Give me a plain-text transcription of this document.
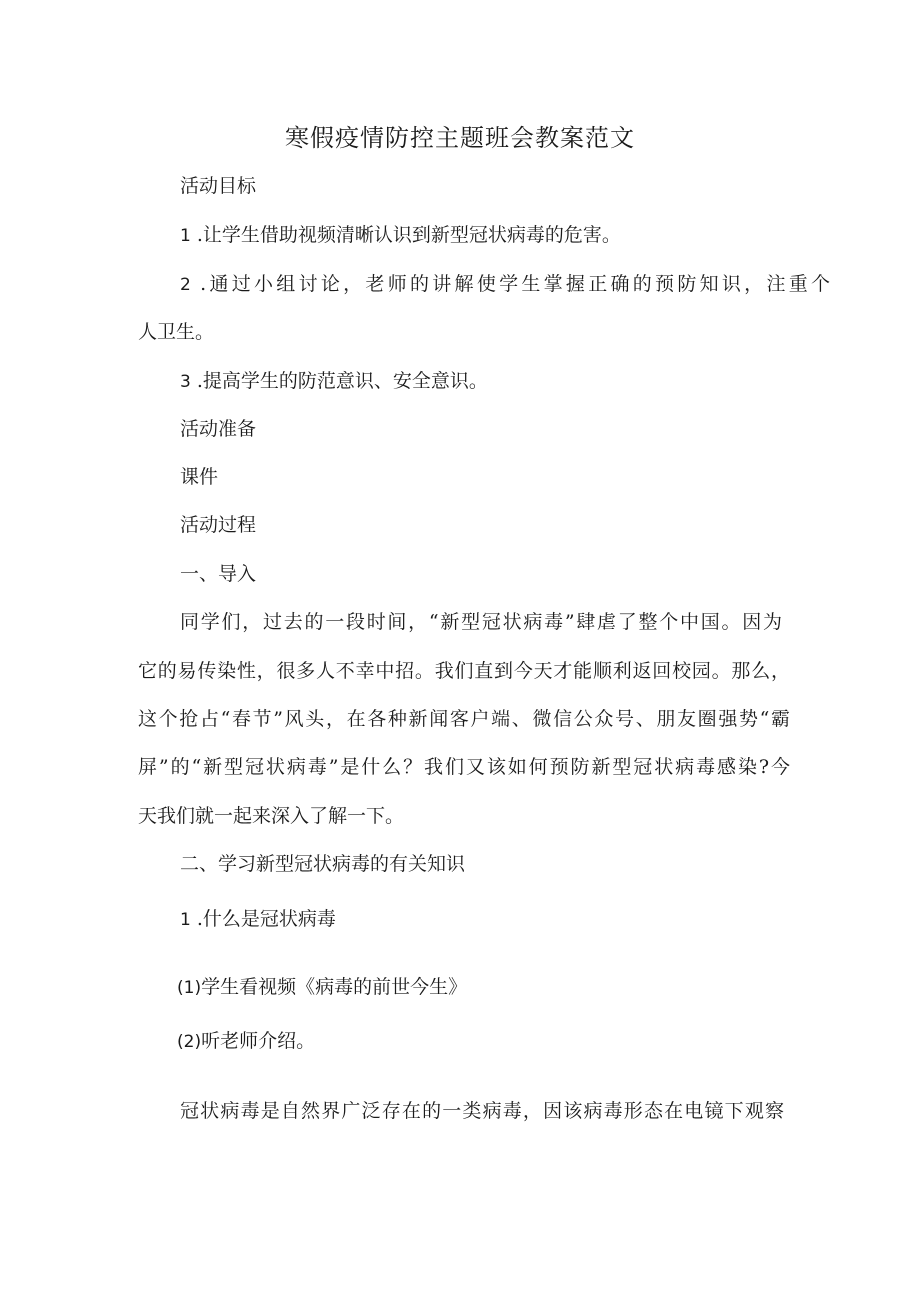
寒假疫情防控主题班会教案范文
活动目标
1 .让学生借助视频清晰认识到新型冠状病毒的危害。
2 .通过小组讨论，老师的讲解使学生掌握正确的预防知识，注重个
人卫生。
3 .提高学生的防范意识、安全意识。
活动准备
课件
活动过程
一、导入
同学们，过去的一段时间，“新型冠状病毒”肆虐了整个中国。因为
它的易传染性，很多人不幸中招。我们直到今天才能顺利返回校园。那么，
这个抢占“春节”风头，在各种新闻客户端、微信公众号、朋友圈强势“霸
屏”的“新型冠状病毒”是什么？我们又该如何预防新型冠状病毒感染?今
天我们就一起来深入了解一下。
二、学习新型冠状病毒的有关知识
1 .什么是冠状病毒
(1)学生看视频《病毒的前世今生》
(2)听老师介绍。
冠状病毒是自然界广泛存在的一类病毒，因该病毒形态在电镜下观察
